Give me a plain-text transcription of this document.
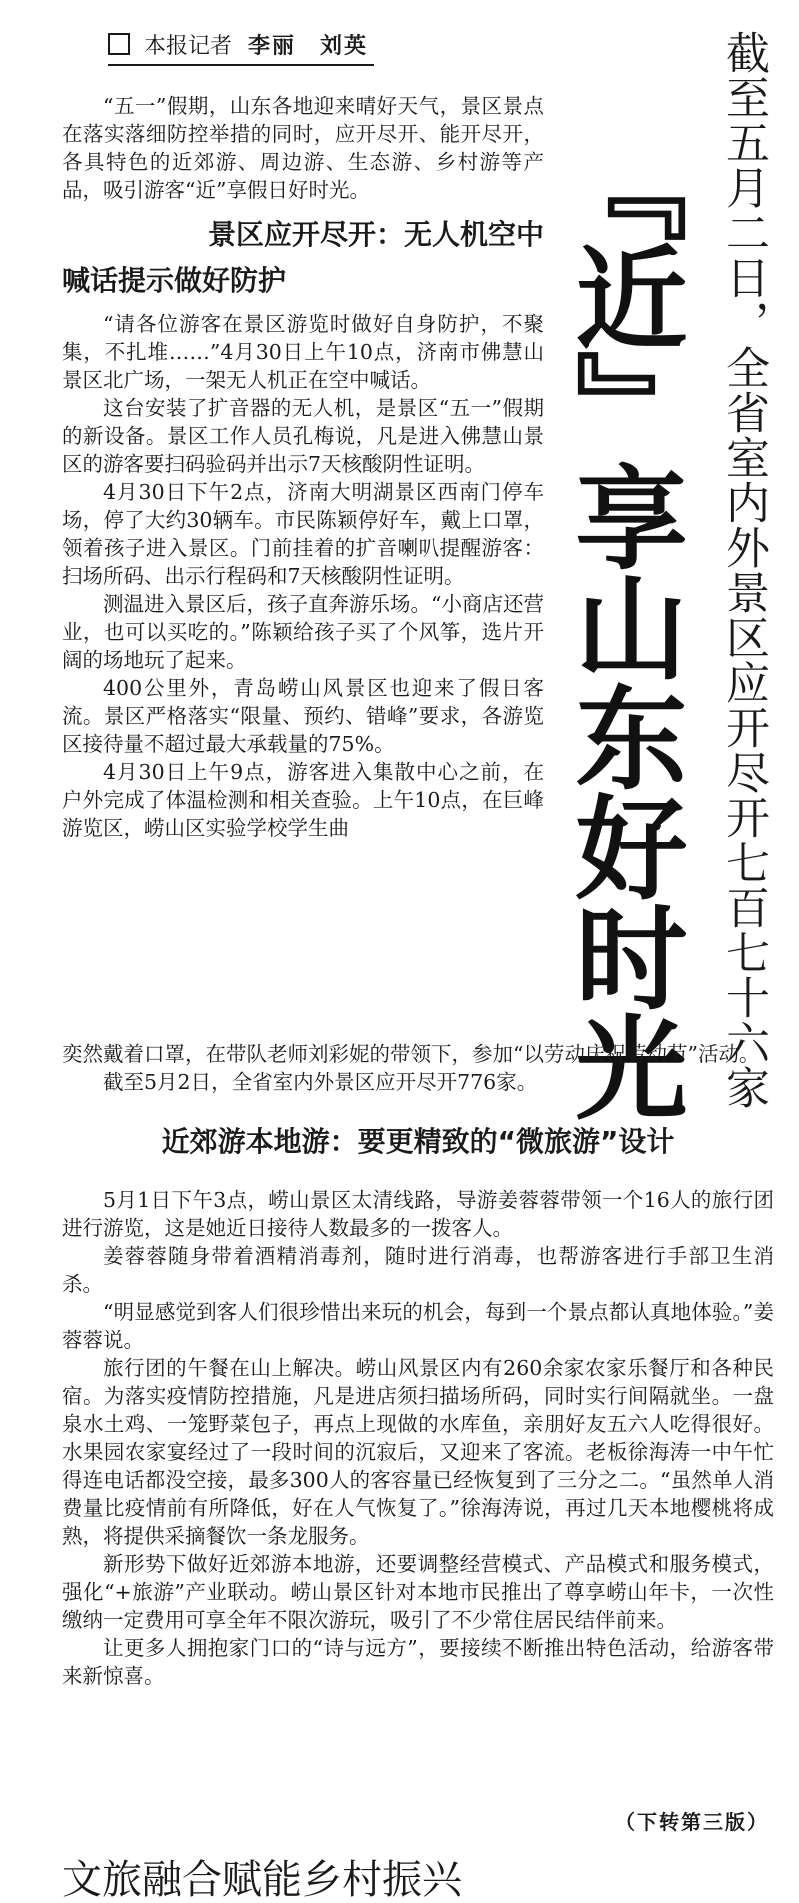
本报记者 李丽　刘英	截至五月二日，全省室内外景区应开尽开七百七十六家
『近』享山东好时光

“五一”假期，山东各地迎来晴好天气，景区景点在落实落细防控举措的同时，应开尽开、能开尽开，各具特色的近郊游、周边游、生态游、乡村游等产品，吸引游客“近”享假日好时光。

景区应开尽开：无人机空中
喊话提示做好防护

“请各位游客在景区游览时做好自身防护，不聚集，不扎堆……”4月30日上午10点，济南市佛慧山景区北广场，一架无人机正在空中喊话。

这台安装了扩音器的无人机，是景区“五一”假期的新设备。景区工作人员孔梅说，凡是进入佛慧山景区的游客要扫码验码并出示7天核酸阴性证明。

4月30日下午2点，济南大明湖景区西南门停车场，停了大约30辆车。市民陈颖停好车，戴上口罩，领着孩子进入景区。门前挂着的扩音喇叭提醒游客：扫场所码、出示行程码和7天核酸阴性证明。

测温进入景区后，孩子直奔游乐场。“小商店还营业，也可以买吃的。”陈颖给孩子买了个风筝，选片开阔的场地玩了起来。

400公里外，青岛崂山风景区也迎来了假日客流。景区严格落实“限量、预约、错峰”要求，各游览区接待量不超过最大承载量的75%。

4月30日上午9点，游客进入集散中心之前，在户外完成了体温检测和相关查验。上午10点，在巨峰游览区，崂山区实验学校学生曲

奕然戴着口罩，在带队老师刘彩妮的带领下，参加“以劳动庆祝劳动节”活动。

截至5月2日，全省室内外景区应开尽开776家。

近郊游本地游：要更精致的“微旅游”设计

5月1日下午3点，崂山景区太清线路，导游姜蓉蓉带领一个16人的旅行团进行游览，这是她近日接待人数最多的一拨客人。

姜蓉蓉随身带着酒精消毒剂，随时进行消毒，也帮游客进行手部卫生消杀。

“明显感觉到客人们很珍惜出来玩的机会，每到一个景点都认真地体验。”姜蓉蓉说。

旅行团的午餐在山上解决。崂山风景区内有260余家农家乐餐厅和各种民宿。为落实疫情防控措施，凡是进店须扫描场所码，同时实行间隔就坐。一盘泉水土鸡、一笼野菜包子，再点上现做的水库鱼，亲朋好友五六人吃得很好。水果园农家宴经过了一段时间的沉寂后，又迎来了客流。老板徐海涛一中午忙得连电话都没空接，最多300人的客容量已经恢复到了三分之二。“虽然单人消费量比疫情前有所降低，好在人气恢复了。”徐海涛说，再过几天本地樱桃将成熟，将提供采摘餐饮一条龙服务。

新形势下做好近郊游本地游，还要调整经营模式、产品模式和服务模式，强化“+旅游”产业联动。崂山景区针对本地市民推出了尊享崂山年卡，一次性缴纳一定费用可享全年不限次游玩，吸引了不少常住居民结伴前来。

让更多人拥抱家门口的“诗与远方”，要接续不断推出特色活动，给游客带来新惊喜。

（下转第三版）
文旅融合赋能乡村振兴
